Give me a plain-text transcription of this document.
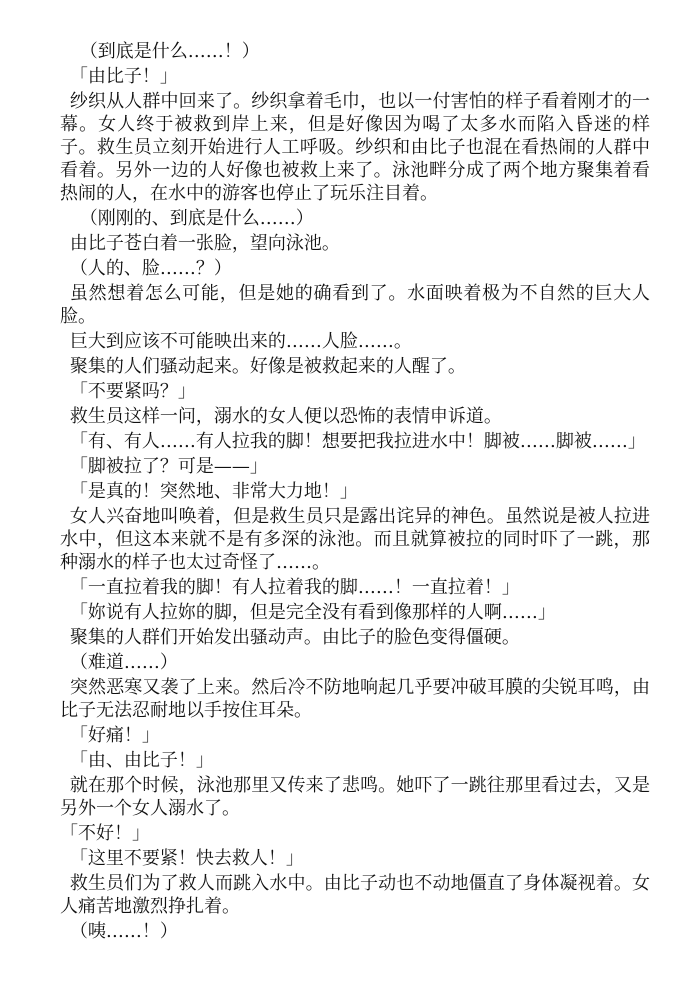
（到底是什么……！）

「由比子！」

纱织从人群中回来了。纱织拿着毛巾，也以一付害怕的样子看着刚才的一幕。女人终于被救到岸上来，但是好像因为喝了太多水而陷入昏迷的样子。救生员立刻开始进行人工呼吸。纱织和由比子也混在看热闹的人群中看着。另外一边的人好像也被救上来了。泳池畔分成了两个地方聚集着看热闹的人，在水中的游客也停止了玩乐注目着。

（刚刚的、到底是什么……）

由比子苍白着一张脸，望向泳池。

（人的、脸……？）

虽然想着怎么可能，但是她的确看到了。水面映着极为不自然的巨大人脸。

巨大到应该不可能映出来的……人脸……。

聚集的人们骚动起来。好像是被救起来的人醒了。

「不要紧吗？」

救生员这样一问，溺水的女人便以恐怖的表情申诉道。

「有、有人……有人拉我的脚！想要把我拉进水中！脚被……脚被……」

「脚被拉了？可是——」

「是真的！突然地、非常大力地！」

女人兴奋地叫唤着，但是救生员只是露出诧异的神色。虽然说是被人拉进水中，但这本来就不是有多深的泳池。而且就算被拉的同时吓了一跳，那种溺水的样子也太过奇怪了……。

「一直拉着我的脚！有人拉着我的脚……！一直拉着！」

「妳说有人拉妳的脚，但是完全没有看到像那样的人啊……」

聚集的人群们开始发出骚动声。由比子的脸色变得僵硬。

（难道……）

突然恶寒又袭了上来。然后冷不防地响起几乎要冲破耳膜的尖锐耳鸣，由比子无法忍耐地以手按住耳朵。

「好痛！」

「由、由比子！」

就在那个时候，泳池那里又传来了悲鸣。她吓了一跳往那里看过去，又是另外一个女人溺水了。

「不好！」

「这里不要紧！快去救人！」

救生员们为了救人而跳入水中。由比子动也不动地僵直了身体凝视着。女人痛苦地激烈挣扎着。

（咦……！）
